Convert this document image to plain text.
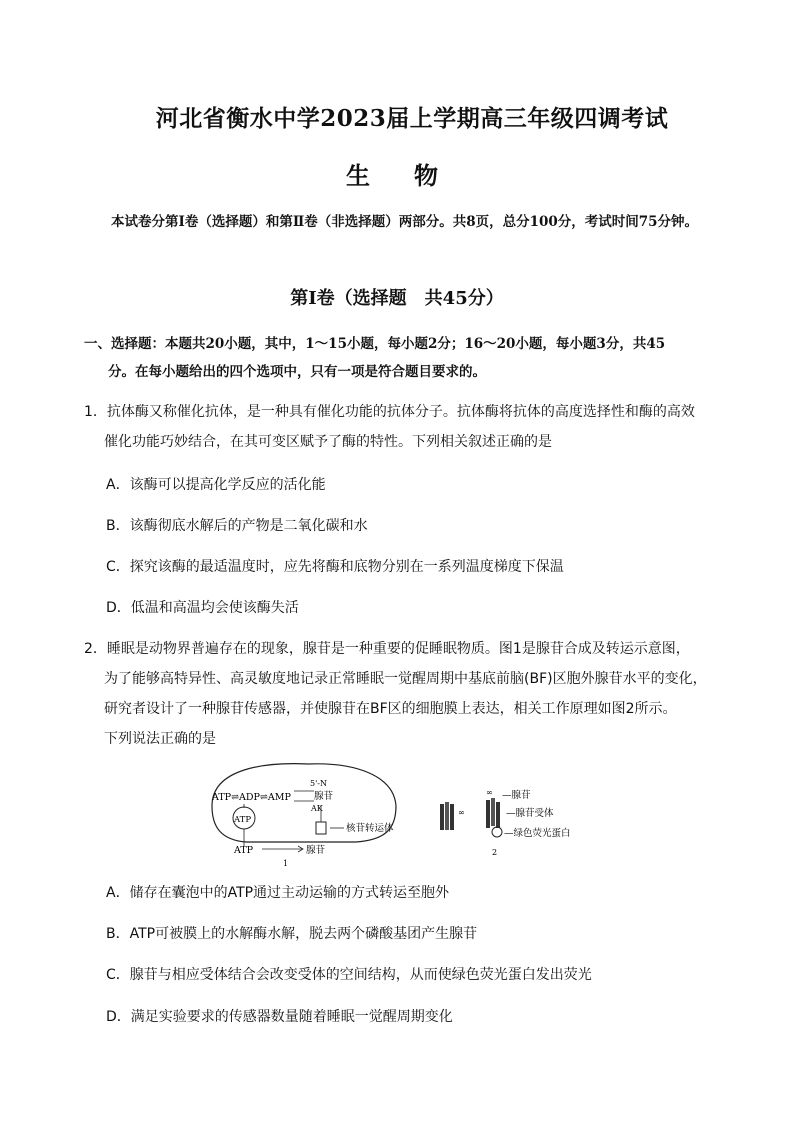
河北省衡水中学2023届上学期高三年级四调考试
生　物
本试卷分第Ⅰ卷（选择题）和第Ⅱ卷（非选择题）两部分。共8页，总分100分，考试时间75分钟。
第Ⅰ卷（选择题　共45分）
一、选择题：本题共20小题，其中，1～15小题，每小题2分；16～20小题，每小题3分，共45
分。在每小题给出的四个选项中，只有一项是符合题目要求的。
1．抗体酶又称催化抗体，是一种具有催化功能的抗体分子。抗体酶将抗体的高度选择性和酶的高效
催化功能巧妙结合，在其可变区赋予了酶的特性。下列相关叙述正确的是
A．该酶可以提高化学反应的活化能
B．该酶彻底水解后的产物是二氧化碳和水
C．探究该酶的最适温度时，应先将酶和底物分别在一系列温度梯度下保温
D．低温和高温均会使该酶失活
2．睡眠是动物界普遍存在的现象，腺苷是一种重要的促睡眠物质。图1是腺苷合成及转运示意图，
为了能够高特异性、高灵敏度地记录正常睡眠一觉醒周期中基底前脑(BF)区胞外腺苷水平的变化，
研究者设计了一种腺苷传感器，并使腺苷在BF区的细胞膜上表达，相关工作原理如图2所示。
下列说法正确的是
ATP⇌ADP⇌AMP
5'-N
AK
腺苷
ATP
核苷转运体
ATP	腺苷
1
∞
∞ —腺苷
—腺苷受体
—绿色荧光蛋白
2
A．储存在囊泡中的ATP通过主动运输的方式转运至胞外
B．ATP可被膜上的水解酶水解，脱去两个磷酸基团产生腺苷
C．腺苷与相应受体结合会改变受体的空间结构，从而使绿色荧光蛋白发出荧光
D．满足实验要求的传感器数量随着睡眠一觉醒周期变化
